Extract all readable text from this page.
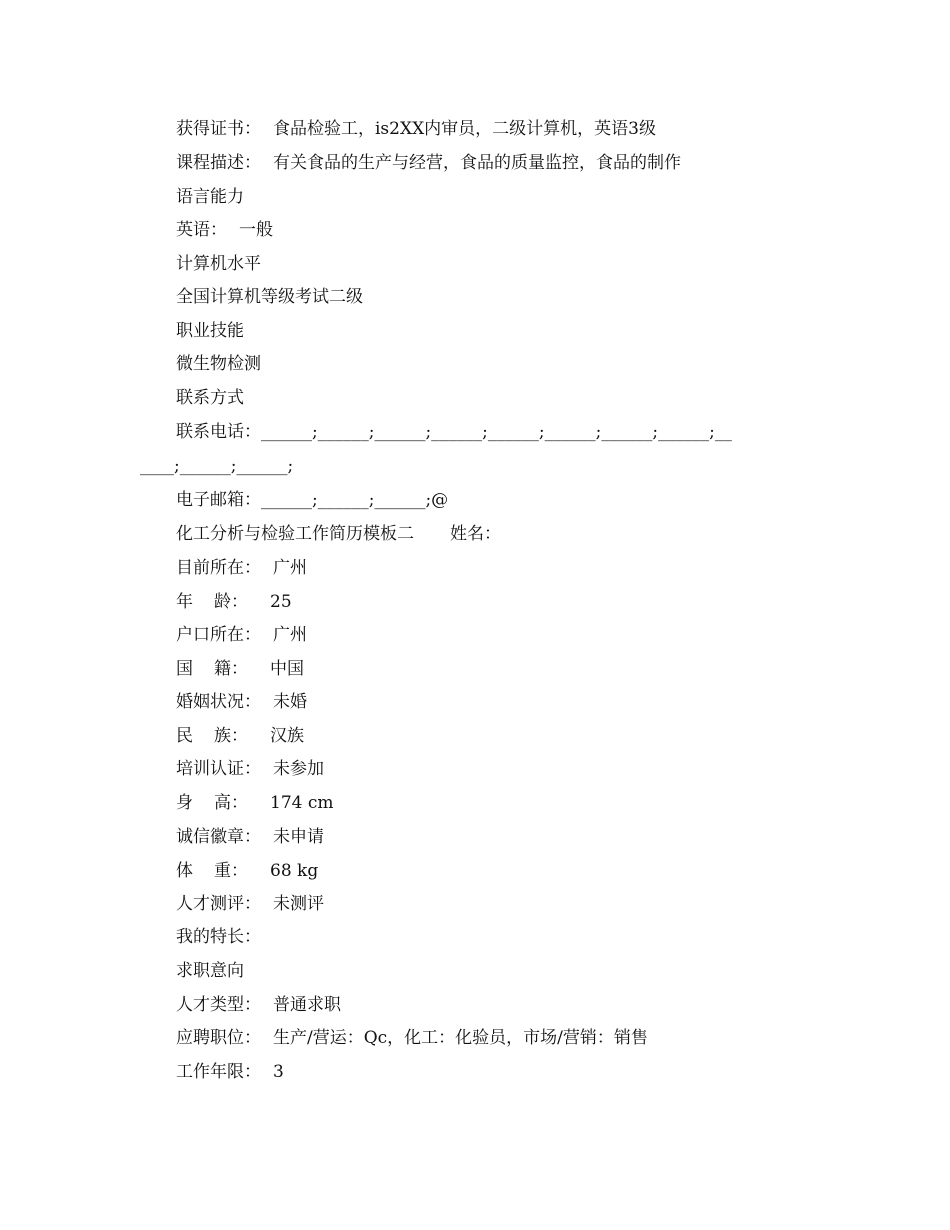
获得证书： 食品检验工，is2XX内审员，二级计算机，英语3级
课程描述： 有关食品的生产与经营，食品的质量监控，食品的制作
语言能力
英语： 一般
计算机水平
全国计算机等级考试二级
职业技能
微生物检测
联系方式
联系电话：______;______;______;______;______;______;______;______;__
____;______;______;
电子邮箱：______;______;______;@
化工分析与检验工作简历模板二 姓名：
目前所在： 广州
年 龄： 25
户口所在： 广州
国 籍： 中国
婚姻状况： 未婚
民 族： 汉族
培训认证： 未参加
身 高： 174 cm
诚信徽章： 未申请
体 重： 68 kg
人才测评： 未测评
我的特长：
求职意向
人才类型： 普通求职
应聘职位： 生产/营运：Qc，化工：化验员，市场/营销：销售
工作年限： 3
